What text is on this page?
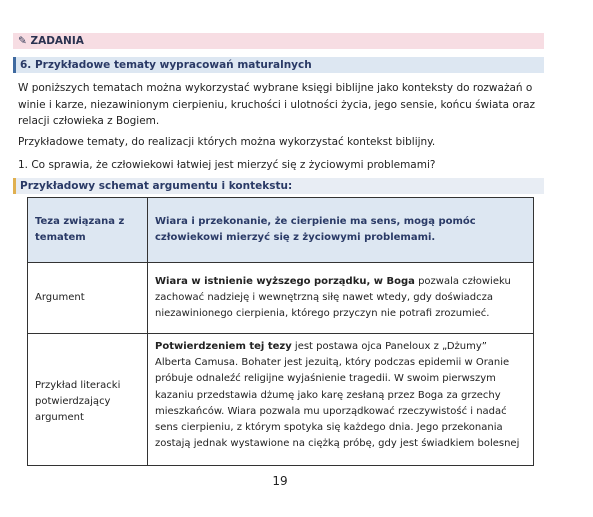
✎ ZADANIA
6. Przykładowe tematy wypracowań maturalnych
W poniższych tematach można wykorzystać wybrane księgi biblijne jako konteksty do rozważań o winie i karze, niezawinionym cierpieniu, kruchości i ulotności życia, jego sensie, końcu świata oraz relacji człowieka z Bogiem.
Przykładowe tematy, do realizacji których można wykorzystać kontekst biblijny.
1. Co sprawia, że człowiekowi łatwiej jest mierzyć się z życiowymi problemami?
Przykładowy schemat argumentu i kontekstu:
Teza związana z tematem	Wiara i przekonanie, że cierpienie ma sens, mogą pomóc człowiekowi mierzyć się z życiowymi problemami.
Argument	Wiara w istnienie wyższego porządku, w Boga pozwala człowieku zachować nadzieję i wewnętrzną siłę nawet wtedy, gdy doświadcza niezawinionego cierpienia, którego przyczyn nie potrafi zrozumieć.
Przykład literacki potwierdzający argument	Potwierdzeniem tej tezy jest postawa ojca Paneloux z „Dżumy” Alberta Camusa. Bohater jest jezuitą, który podczas epidemii w Oranie próbuje odnaleźć religijne wyjaśnienie tragedii. W swoim pierwszym kazaniu przedstawia dżumę jako karę zesłaną przez Boga za grzechy mieszkańców. Wiara pozwala mu uporządkować rzeczywistość i nadać sens cierpieniu, z którym spotyka się każdego dnia. Jego przekonania zostają jednak wystawione na ciężką próbę, gdy jest świadkiem bolesnej
19
